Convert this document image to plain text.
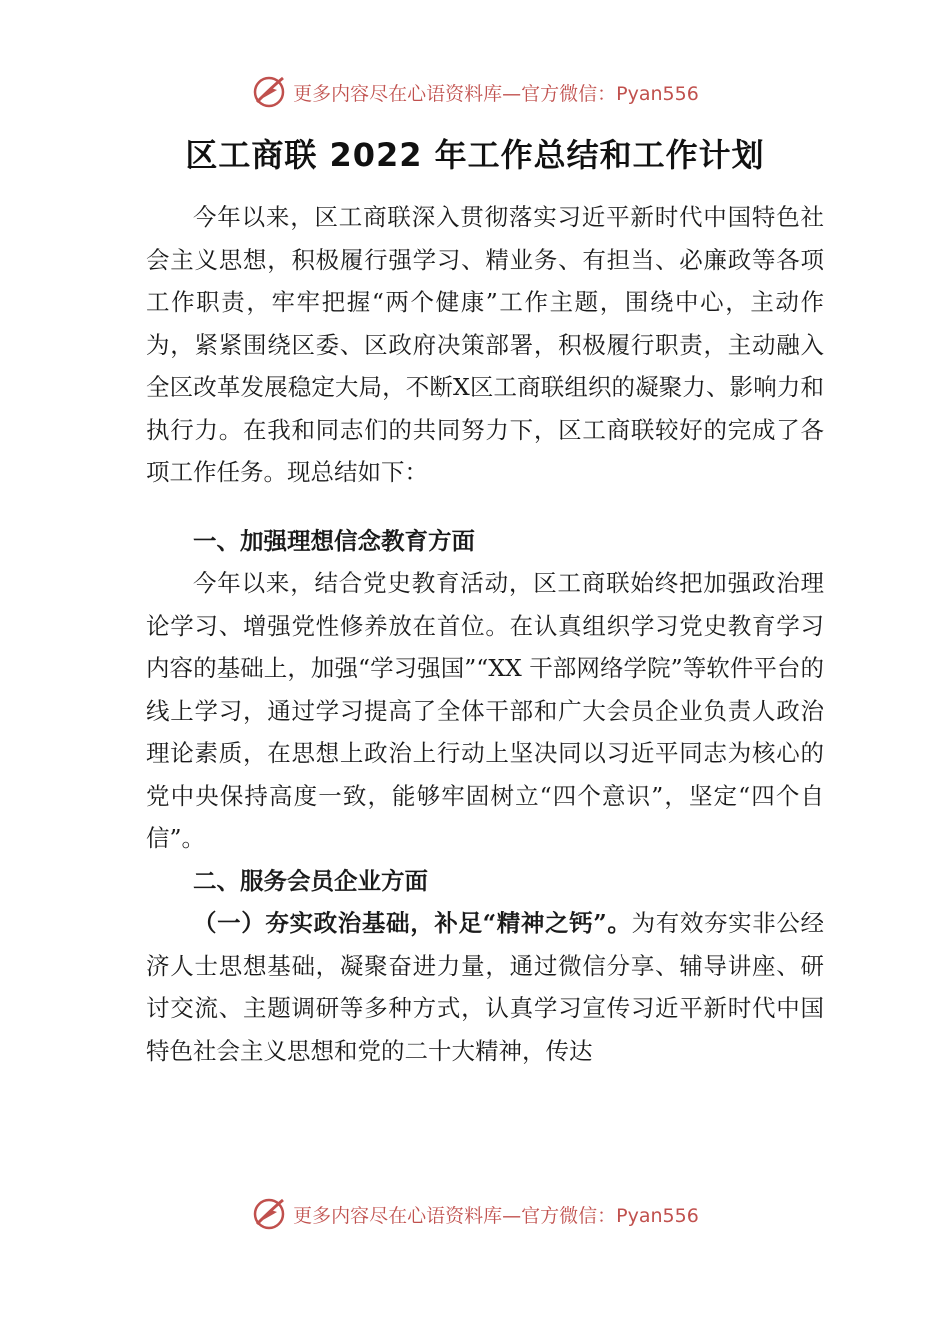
更多内容尽在心语资料库—官方微信：Pyan556
区工商联 2022 年工作总结和工作计划

今年以来，区工商联深入贯彻落实习近平新时代中国特色社会主义思想，积极履行强学习、精业务、有担当、必廉政等各项工作职责，牢牢把握“两个健康”工作主题，围绕中心，主动作为，紧紧围绕区委、区政府决策部署，积极履行职责，主动融入全区改革发展稳定大局，不断X区工商联组织的凝聚力、影响力和执行力。在我和同志们的共同努力下，区工商联较好的完成了各项工作任务。现总结如下：

一、加强理想信念教育方面

今年以来，结合党史教育活动，区工商联始终把加强政治理论学习、增强党性修养放在首位。在认真组织学习党史教育学习内容的基础上，加强“学习强国”“XX 干部网络学院”等软件平台的线上学习，通过学习提高了全体干部和广大会员企业负责人政治理论素质，在思想上政治上行动上坚决同以习近平同志为核心的党中央保持高度一致，能够牢固树立“四个意识”，坚定“四个自信”。

二、服务会员企业方面

（一）夯实政治基础，补足“精神之钙”。为有效夯实非公经济人士思想基础，凝聚奋进力量，通过微信分享、辅导讲座、研讨交流、主题调研等多种方式，认真学习宣传习近平新时代中国特色社会主义思想和党的二十大精神，传达

更多内容尽在心语资料库—官方微信：Pyan556
